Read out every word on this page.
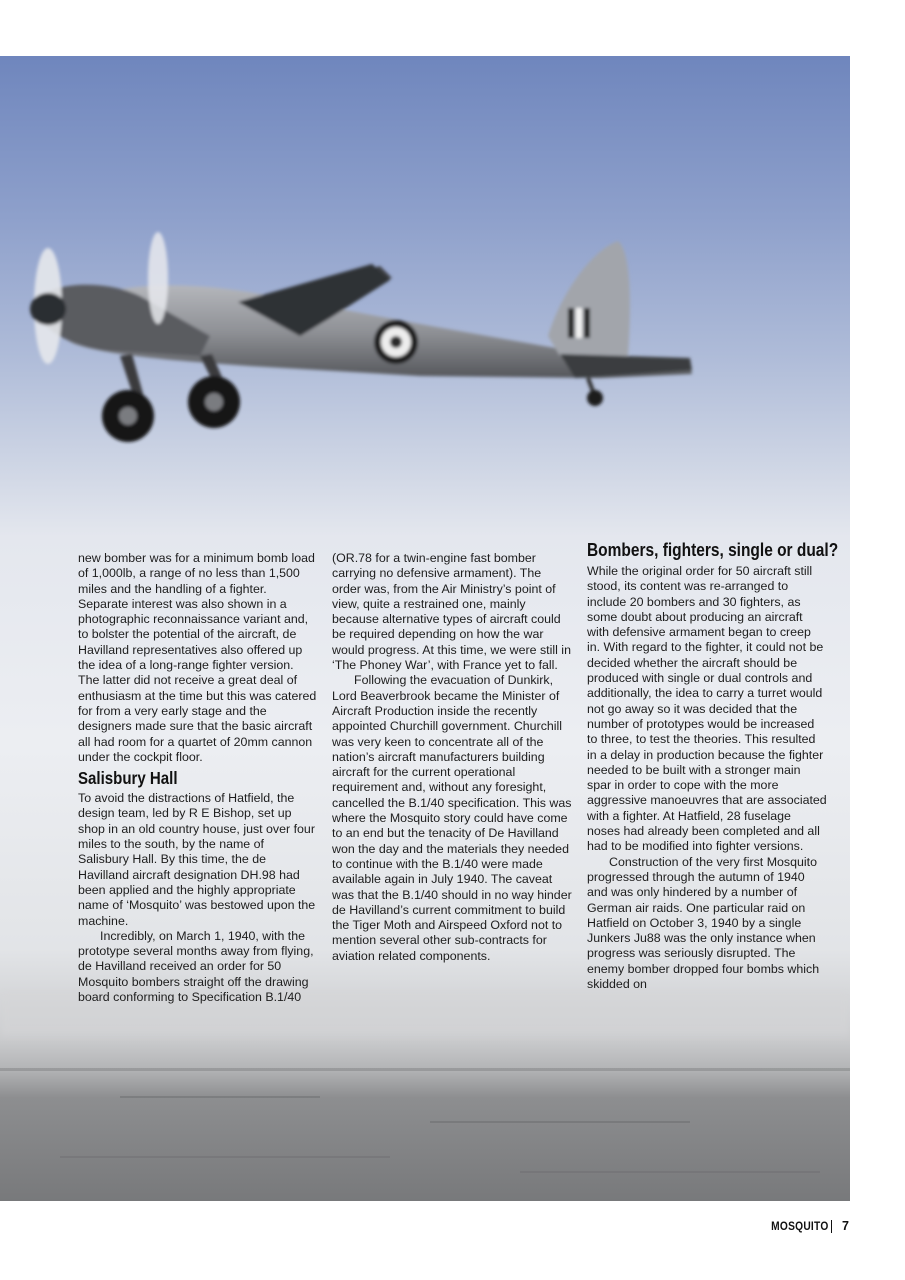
new bomber was for a minimum bomb load of 1,000lb, a range of no less than 1,500 miles and the handling of a fighter. Separate interest was also shown in a photographic reconnaissance variant and, to bolster the potential of the aircraft, de Havilland representatives also offered up the idea of a long-range fighter version. The latter did not receive a great deal of enthusiasm at the time but this was catered for from a very early stage and the designers made sure that the basic aircraft all had room for a quartet of 20mm cannon under the cockpit floor.

Salisbury Hall

To avoid the distractions of Hatfield, the design team, led by R E Bishop, set up shop in an old country house, just over four miles to the south, by the name of Salisbury Hall. By this time, the de Havilland aircraft designation DH.98 had been applied and the highly appropriate name of ‘Mosquito’ was bestowed upon the machine.

Incredibly, on March 1, 1940, with the prototype several months away from flying, de Havilland received an order for 50 Mosquito bombers straight off the drawing board conforming to Specification B.1/40

(OR.78 for a twin-engine fast bomber carrying no defensive armament). The order was, from the Air Ministry’s point of view, quite a restrained one, mainly because alternative types of aircraft could be required depending on how the war would progress. At this time, we were still in ‘The Phoney War’, with France yet to fall.

Following the evacuation of Dunkirk, Lord Beaverbrook became the Minister of Aircraft Production inside the recently appointed Churchill government. Churchill was very keen to concentrate all of the nation’s aircraft manufacturers building aircraft for the current operational requirement and, without any foresight, cancelled the B.1/40 specification. This was where the Mosquito story could have come to an end but the tenacity of De Havilland won the day and the materials they needed to continue with the B.1/40 were made available again in July 1940. The caveat was that the B.1/40 should in no way hinder de Havilland’s current commitment to build the Tiger Moth and Airspeed Oxford not to mention several other sub-contracts for aviation related components.

Bombers, fighters, single or dual?

While the original order for 50 aircraft still stood, its content was re-arranged to include 20 bombers and 30 fighters, as some doubt about producing an aircraft with defensive armament began to creep in. With regard to the fighter, it could not be decided whether the aircraft should be produced with single or dual controls and additionally, the idea to carry a turret would not go away so it was decided that the number of prototypes would be increased to three, to test the theories. This resulted in a delay in production because the fighter needed to be built with a stronger main spar in order to cope with the more aggressive manoeuvres that are associated with a fighter. At Hatfield, 28 fuselage noses had already been completed and all had to be modified into fighter versions.

Construction of the very first Mosquito progressed through the autumn of 1940 and was only hindered by a number of German air raids. One particular raid on Hatfield on October 3, 1940 by a single Junkers Ju88 was the only instance when progress was seriously disrupted. The enemy bomber dropped four bombs which skidded on

MOSQUITO 7
